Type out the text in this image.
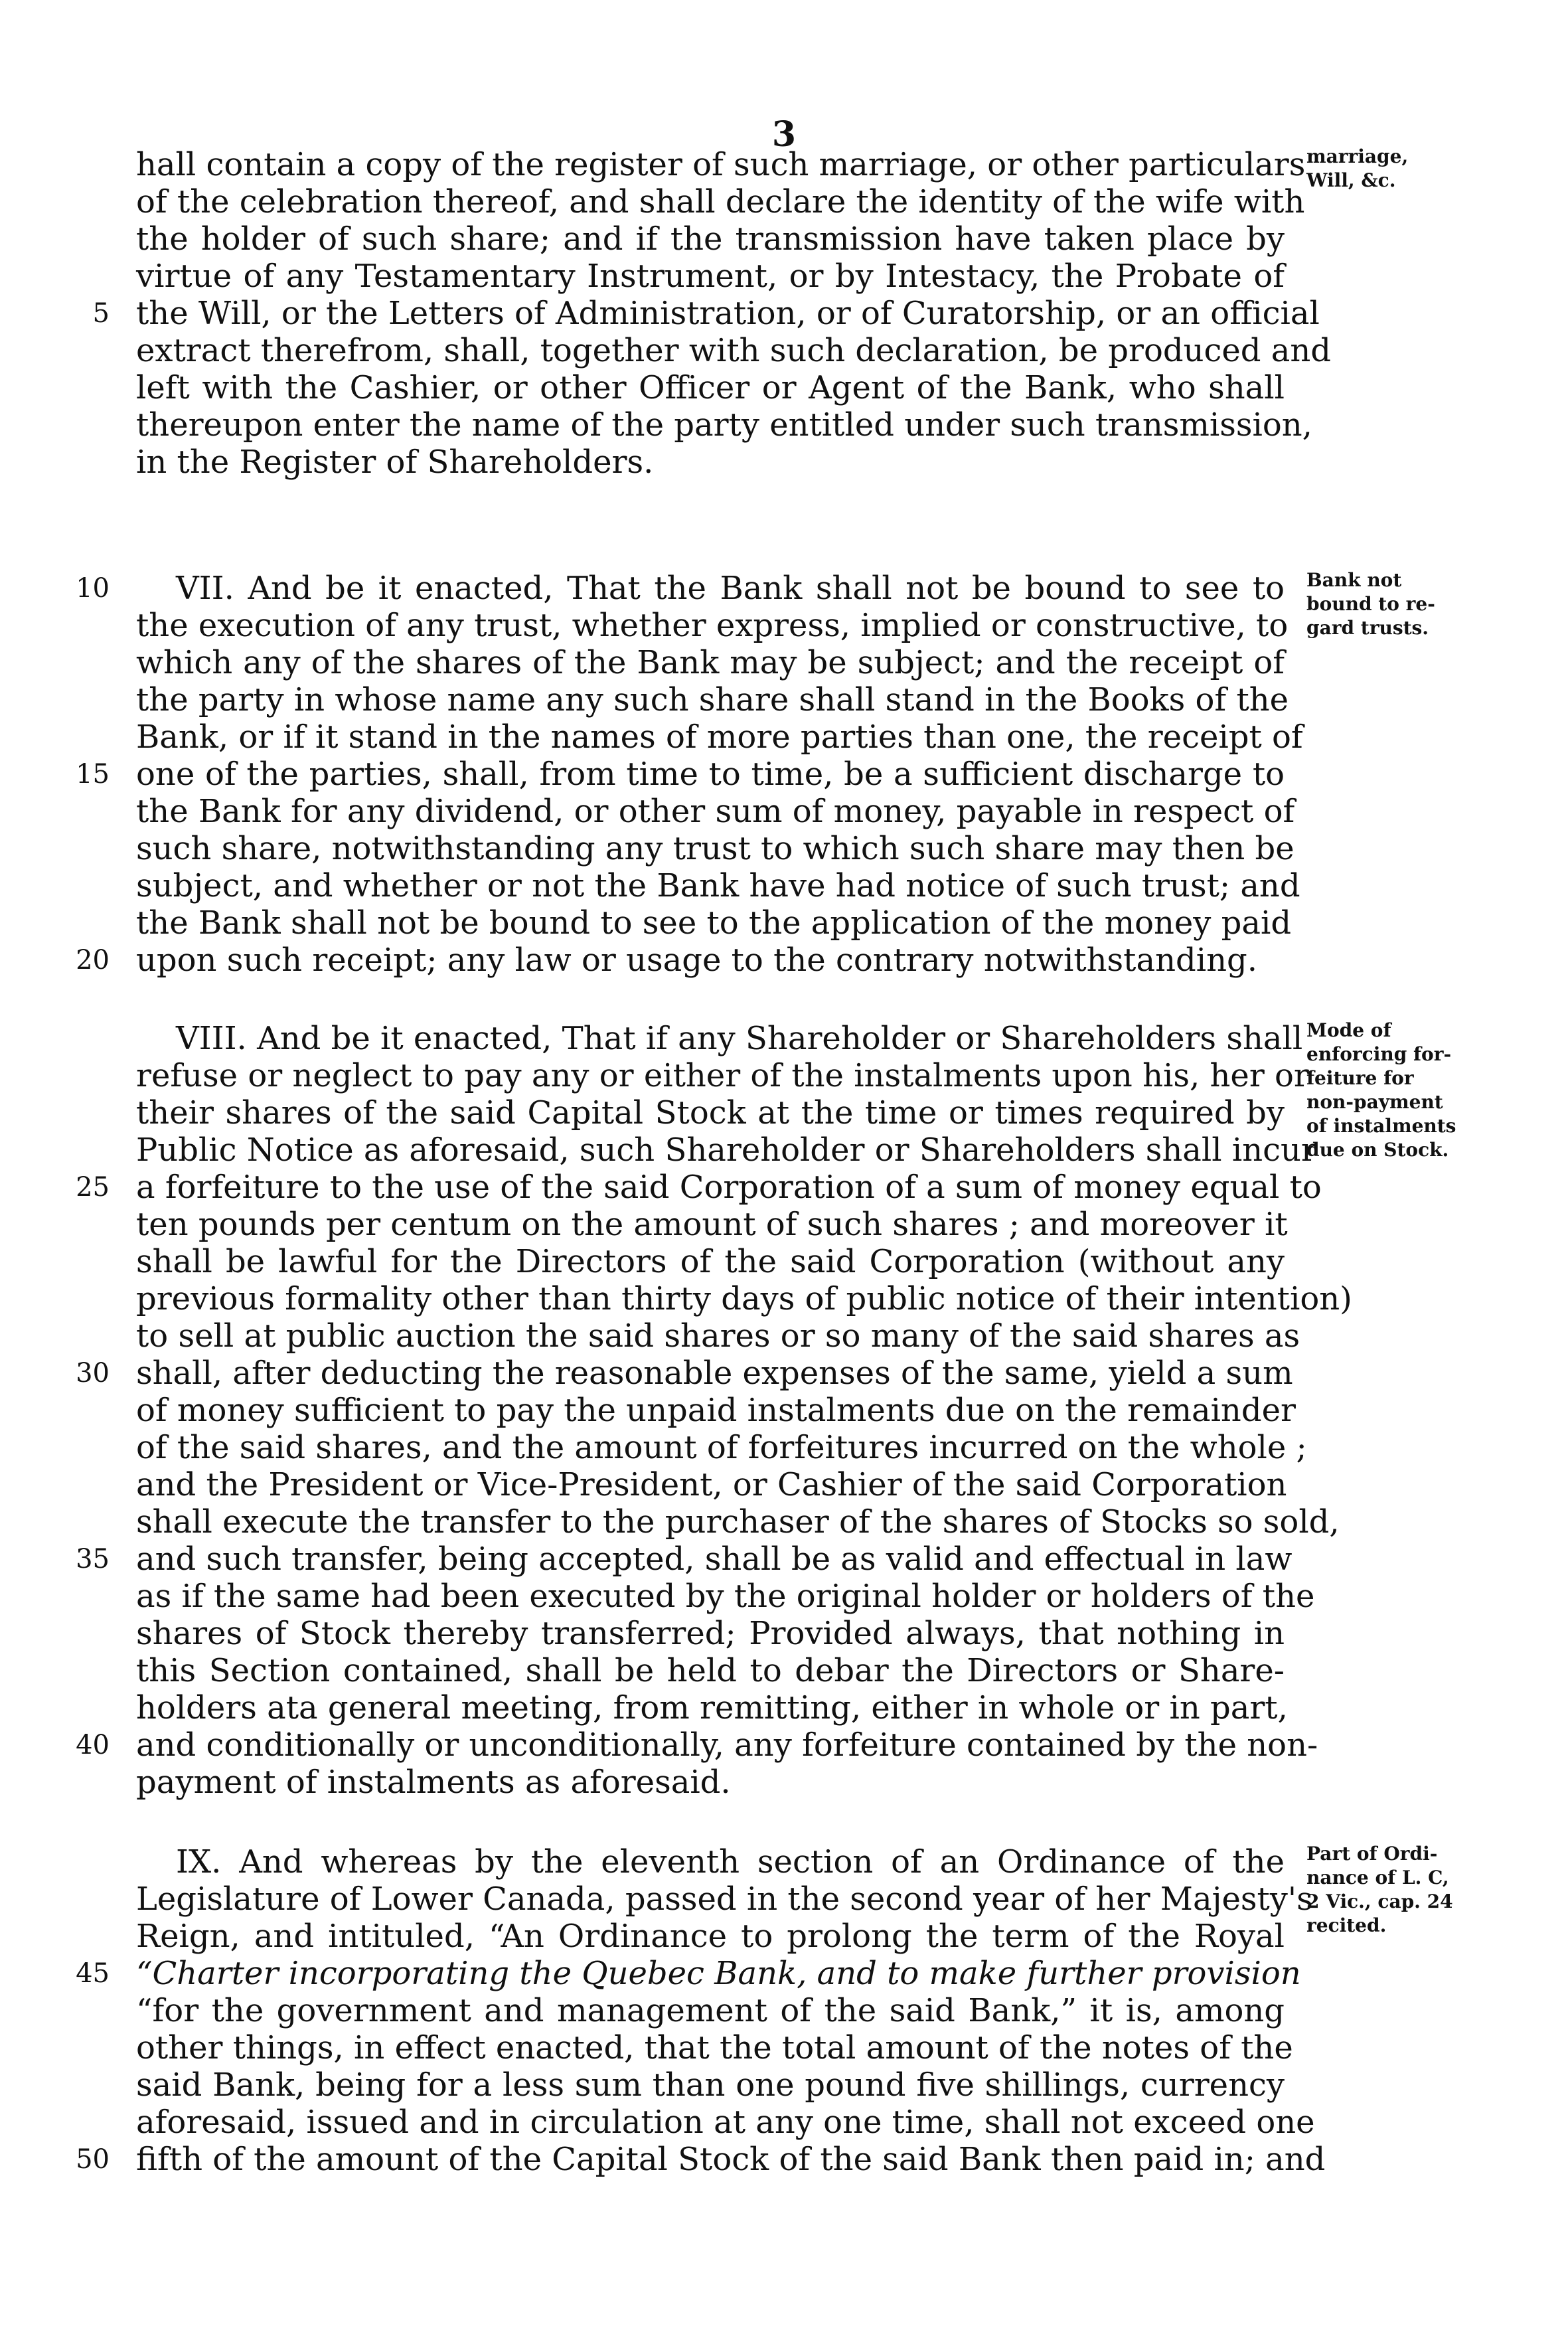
3
marriage,
Will, &c.
hall contain a copy of the register of such marriage, or other particulars
of the celebration thereof, and shall declare the identity of the wife with
the holder of such share; and if the transmission have taken place by
virtue of any Testamentary Instrument, or by Intestacy, the Probate of
5 the Will, or the Letters of Administration, or of Curatorship, or an official
extract therefrom, shall, together with such declaration, be produced and
left with the Cashier, or other Officer or Agent of the Bank, who shall
thereupon enter the name of the party entitled under such transmission,
in the Register of Shareholders.
Bank not
bound to re-
gard trusts.
10 VII. And be it enacted, That the Bank shall not be bound to see to
the execution of any trust, whether express, implied or constructive, to
which any of the shares of the Bank may be subject; and the receipt of
the party in whose name any such share shall stand in the Books of the
Bank, or if it stand in the names of more parties than one, the receipt of
15 one of the parties, shall, from time to time, be a sufficient discharge to
the Bank for any dividend, or other sum of money, payable in respect of
such share, notwithstanding any trust to which such share may then be
subject, and whether or not the Bank have had notice of such trust; and
the Bank shall not be bound to see to the application of the money paid
20 upon such receipt; any law or usage to the contrary notwithstanding.
Mode of
enforcing for-
feiture for
non-payment
of instalments
due on Stock.
VIII. And be it enacted, That if any Shareholder or Shareholders shall
refuse or neglect to pay any or either of the instalments upon his, her or
their shares of the said Capital Stock at the time or times required by
Public Notice as aforesaid, such Shareholder or Shareholders shall incur
25 a forfeiture to the use of the said Corporation of a sum of money equal to
ten pounds per centum on the amount of such shares ; and moreover it
shall be lawful for the Directors of the said Corporation (without any
previous formality other than thirty days of public notice of their intention)
to sell at public auction the said shares or so many of the said shares as
30 shall, after deducting the reasonable expenses of the same, yield a sum
of money sufficient to pay the unpaid instalments due on the remainder
of the said shares, and the amount of forfeitures incurred on the whole ;
and the President or Vice-President, or Cashier of the said Corporation
shall execute the transfer to the purchaser of the shares of Stocks so sold,
35 and such transfer, being accepted, shall be as valid and effectual in law
as if the same had been executed by the original holder or holders of the
shares of Stock thereby transferred; Provided always, that nothing in
this Section contained, shall be held to debar the Directors or Share-
holders ata general meeting, from remitting, either in whole or in part,
40 and conditionally or unconditionally, any forfeiture contained by the non-
payment of instalments as aforesaid.
Part of Ordi-
nance of L. C,
2 Vic., cap. 24
recited.
IX. And whereas by the eleventh section of an Ordinance of the
Legislature of Lower Canada, passed in the second year of her Majesty's
Reign, and intituled, “An Ordinance to prolong the term of the Royal
45 “Charter incorporating the Quebec Bank, and to make further provision
“for the government and management of the said Bank,” it is, among
other things, in effect enacted, that the total amount of the notes of the
said Bank, being for a less sum than one pound five shillings, currency
aforesaid, issued and in circulation at any one time, shall not exceed one
50 fifth of the amount of the Capital Stock of the said Bank then paid in; and
